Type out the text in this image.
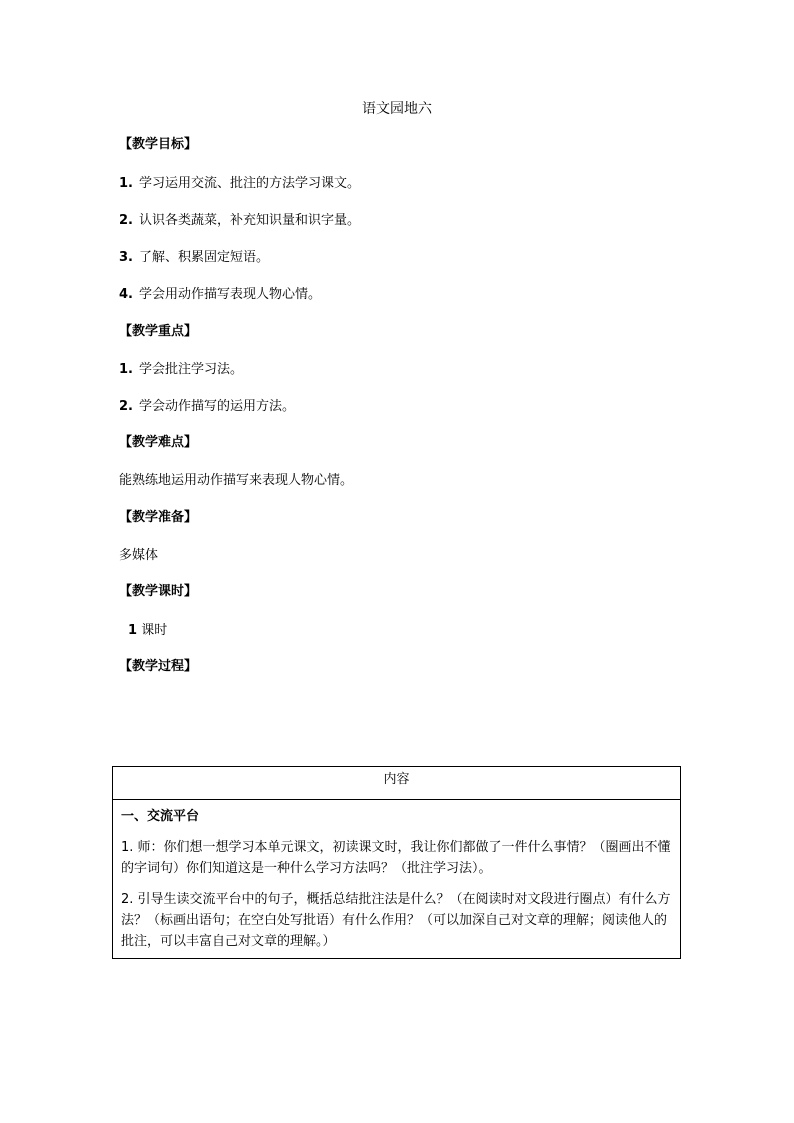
语文园地六
【教学目标】
1. 学习运用交流、批注的方法学习课文。
2. 认识各类蔬菜，补充知识量和识字量。
3. 了解、积累固定短语。
4. 学会用动作描写表现人物心情。
【教学重点】
1. 学会批注学习法。
2. 学会动作描写的运用方法。
【教学难点】
能熟练地运用动作描写来表现人物心情。
【教学准备】
多媒体
【教学课时】
1 课时
【教学过程】
内容

一、交流平台
1. 师：你们想一想学习本单元课文，初读课文时，我让你们都做了一件什么事情？（圈画出不懂的字词句）你们知道这是一种什么学习方法吗？（批注学习法）。
2. 引导生读交流平台中的句子，概括总结批注法是什么？（在阅读时对文段进行圈点）有什么方法？（标画出语句；在空白处写批语）有什么作用？（可以加深自己对文章的理解；阅读他人的批注，可以丰富自己对文章的理解。）
